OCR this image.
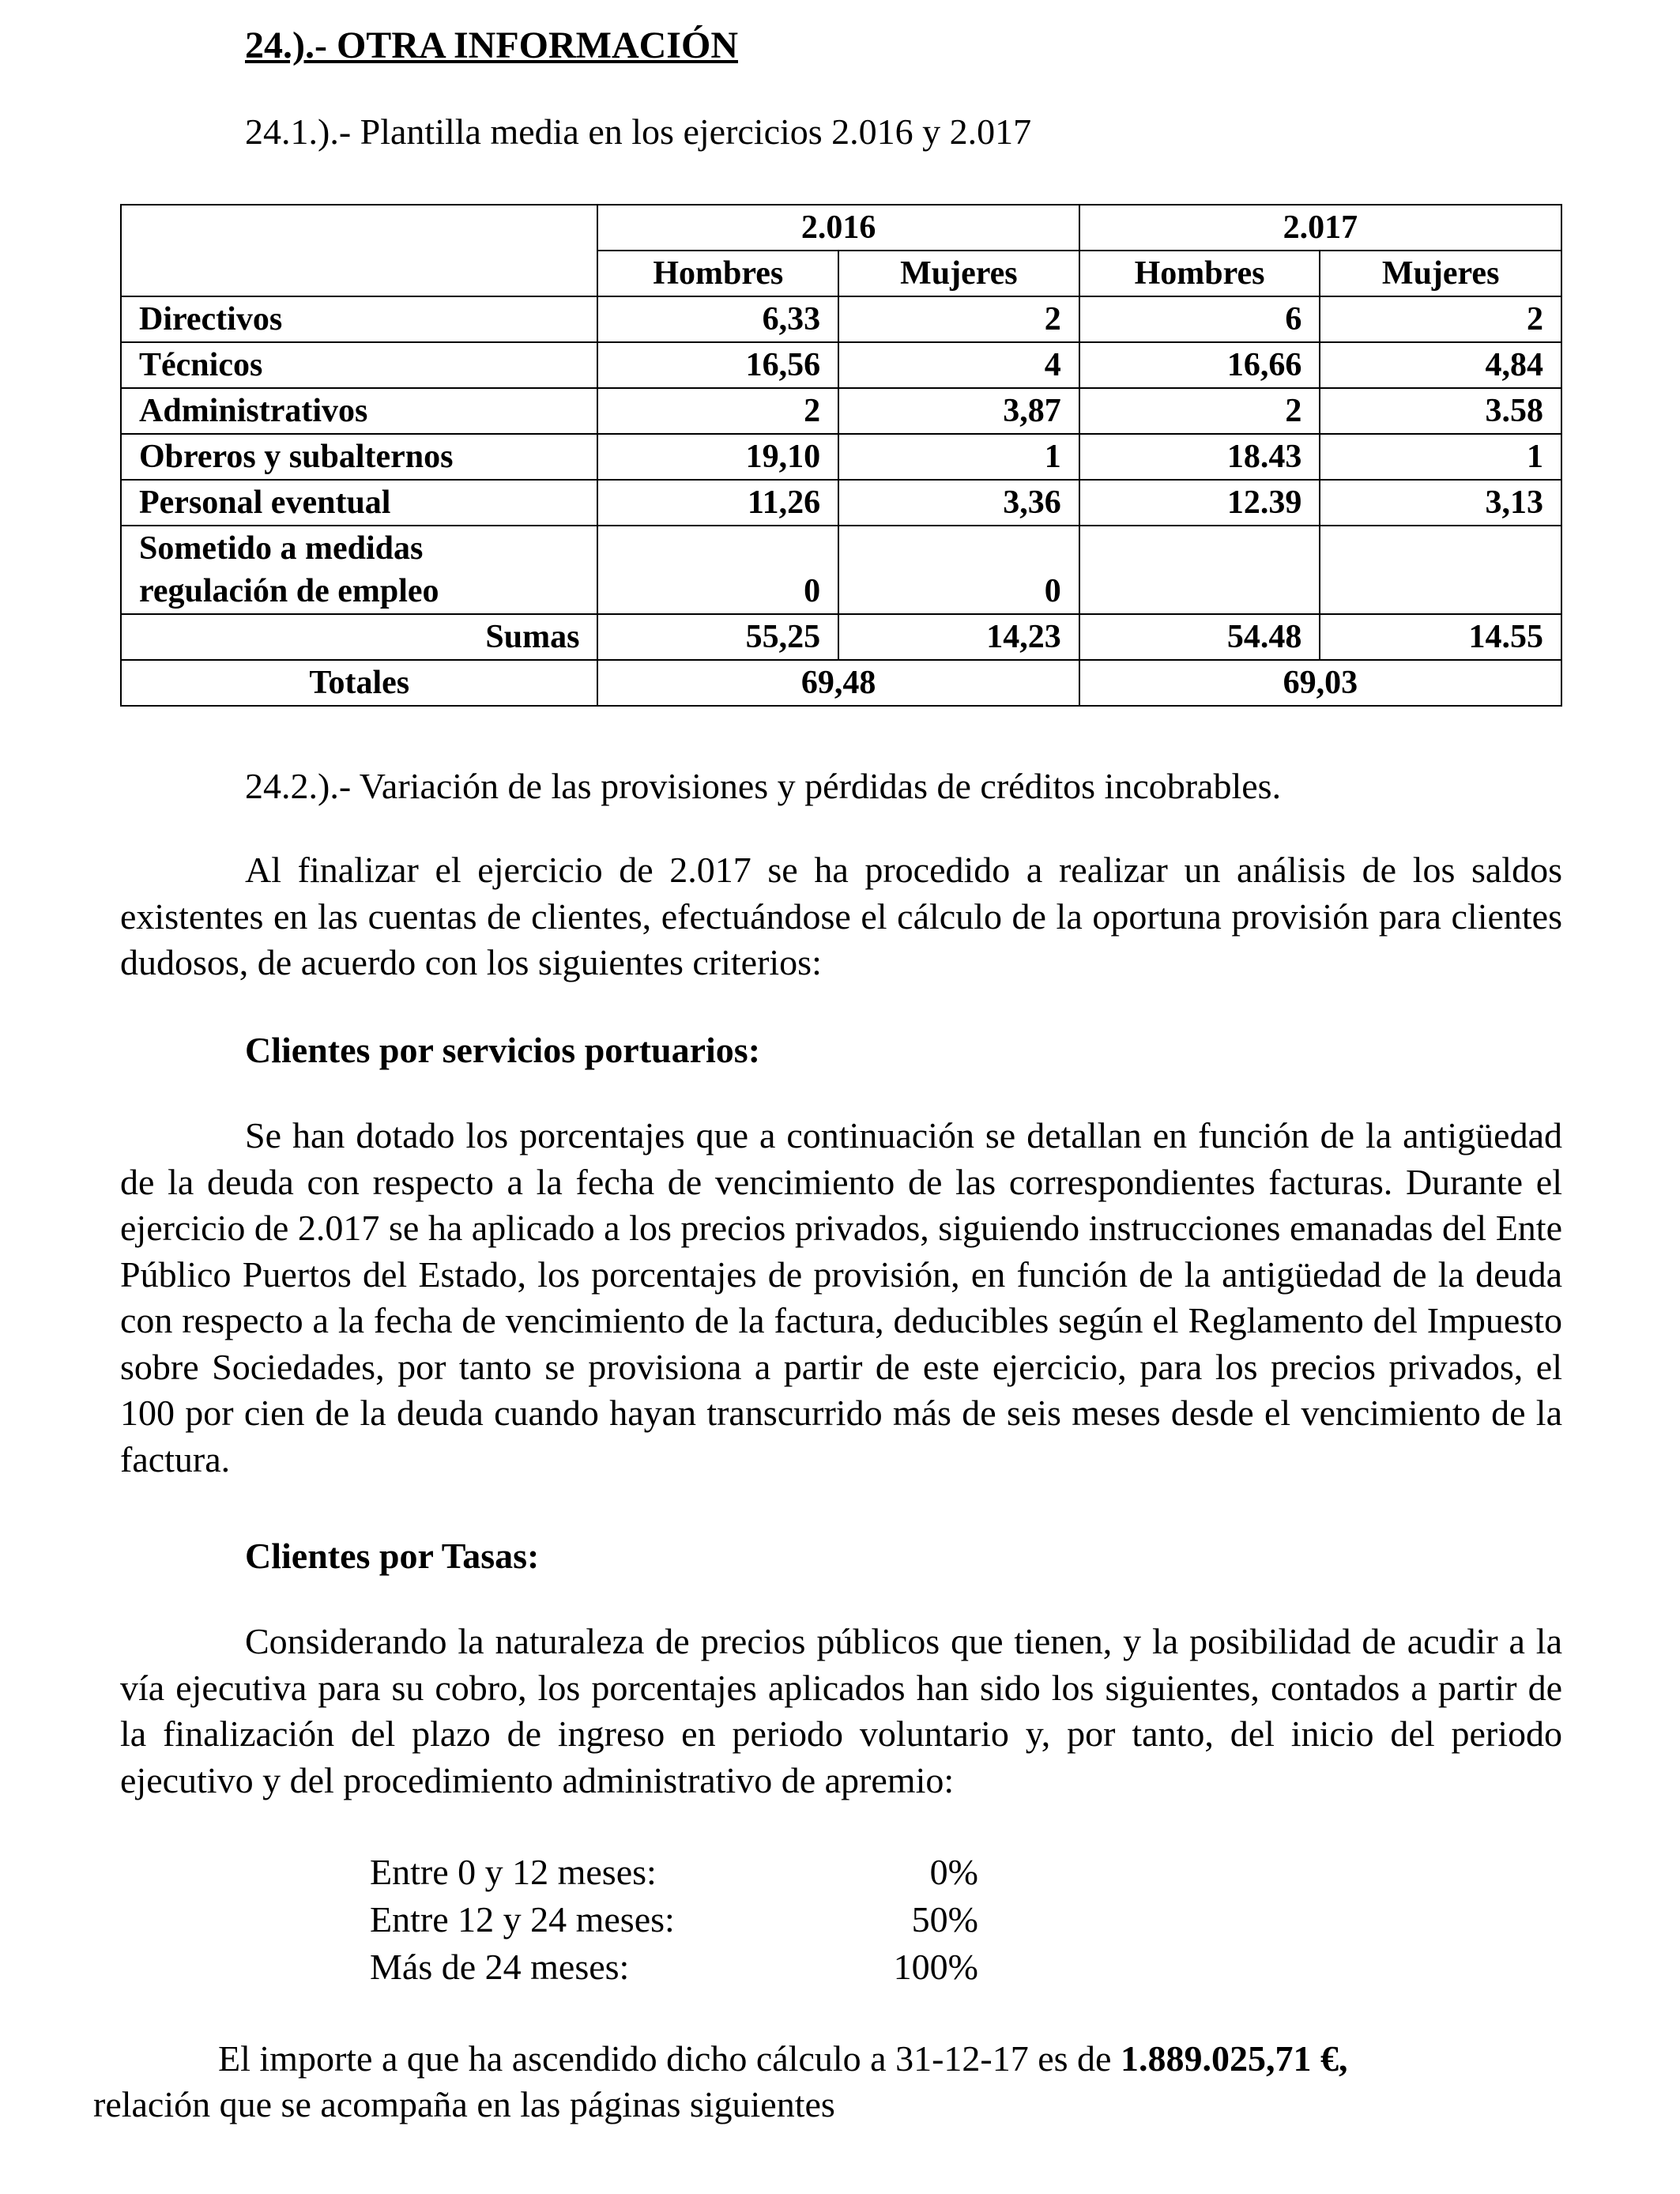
24.).- OTRA INFORMACIÓN
24.1.).- Plantilla media en los ejercicios 2.016 y 2.017
	2.016		2.017	
	Hombres	Mujeres	Hombres	Mujeres
Directivos	6,33	2	6	2
Técnicos	16,56	4	16,66	4,84
Administrativos	2	3,87	2	3.58
Obreros y subalternos	19,10	1	18.43	1
Personal eventual	11,26	3,36	12.39	3,13
Sometido a medidas regulación de empleo	0	0		
Sumas	55,25	14,23	54.48	14.55
Totales	69,48		69,03	
24.2.).- Variación de las provisiones y pérdidas de créditos incobrables.
Al finalizar el ejercicio de 2.017 se ha procedido a realizar un análisis de los saldos existentes en las cuentas de clientes, efectuándose el cálculo de la oportuna provisión para clientes dudosos, de acuerdo con los siguientes criterios:
Clientes por servicios portuarios:
Se han dotado los porcentajes que a continuación se detallan en función de la antigüedad de la deuda con respecto a la fecha de vencimiento de las correspondientes facturas. Durante el ejercicio de 2.017 se ha aplicado a los precios privados, siguiendo instrucciones emanadas del Ente Público Puertos del Estado, los porcentajes de provisión, en función de la antigüedad de la deuda con respecto a la fecha de vencimiento de la factura, deducibles según el Reglamento del Impuesto sobre Sociedades, por tanto se provisiona a partir de este ejercicio, para los precios privados, el 100 por cien de la deuda cuando hayan transcurrido más de seis meses desde el vencimiento de la factura.
Clientes por Tasas:
Considerando la naturaleza de precios públicos que tienen, y la posibilidad de acudir a la vía ejecutiva para su cobro, los porcentajes aplicados han sido los siguientes, contados a partir de la finalización del plazo de ingreso en periodo voluntario y, por tanto, del inicio del periodo ejecutivo y del procedimiento administrativo de apremio:
Entre 0 y 12 meses:	0%
Entre 12 y 24 meses:	50%
Más de 24 meses:	100%
El importe a que ha ascendido dicho cálculo a 31-12-17 es de 1.889.025,71 €,
relación que se acompaña en las páginas siguientes
